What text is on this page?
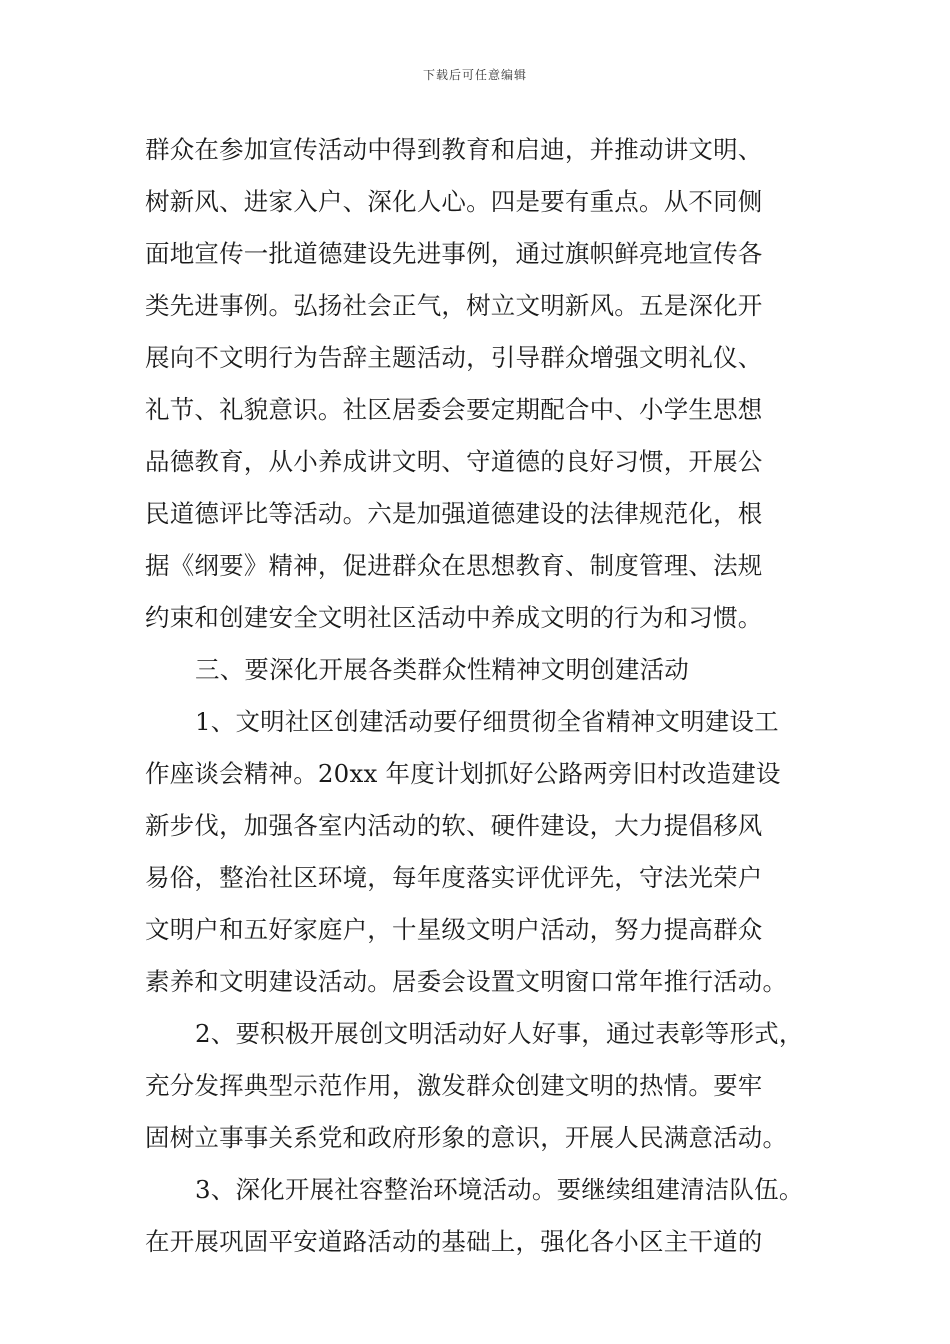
下载后可任意编辑
群众在参加宣传活动中得到教育和启迪，并推动讲文明、
树新风、进家入户、深化人心。四是要有重点。从不同侧
面地宣传一批道德建设先进事例，通过旗帜鲜亮地宣传各
类先进事例。弘扬社会正气，树立文明新风。五是深化开
展向不文明行为告辞主题活动，引导群众增强文明礼仪、
礼节、礼貌意识。社区居委会要定期配合中、小学生思想
品德教育，从小养成讲文明、守道德的良好习惯，开展公
民道德评比等活动。六是加强道德建设的法律规范化，根
据《纲要》精神，促进群众在思想教育、制度管理、法规
约束和创建安全文明社区活动中养成文明的行为和习惯。
三、要深化开展各类群众性精神文明创建活动
1、文明社区创建活动要仔细贯彻全省精神文明建设工
作座谈会精神。20xx 年度计划抓好公路两旁旧村改造建设
新步伐，加强各室内活动的软、硬件建设，大力提倡移风
易俗，整治社区环境，每年度落实评优评先，守法光荣户
文明户和五好家庭户，十星级文明户活动，努力提高群众
素养和文明建设活动。居委会设置文明窗口常年推行活动。
2、要积极开展创文明活动好人好事，通过表彰等形式，
充分发挥典型示范作用，激发群众创建文明的热情。要牢
固树立事事关系党和政府形象的意识，开展人民满意活动。
3、深化开展社容整治环境活动。要继续组建清洁队伍。
在开展巩固平安道路活动的基础上，强化各小区主干道的
